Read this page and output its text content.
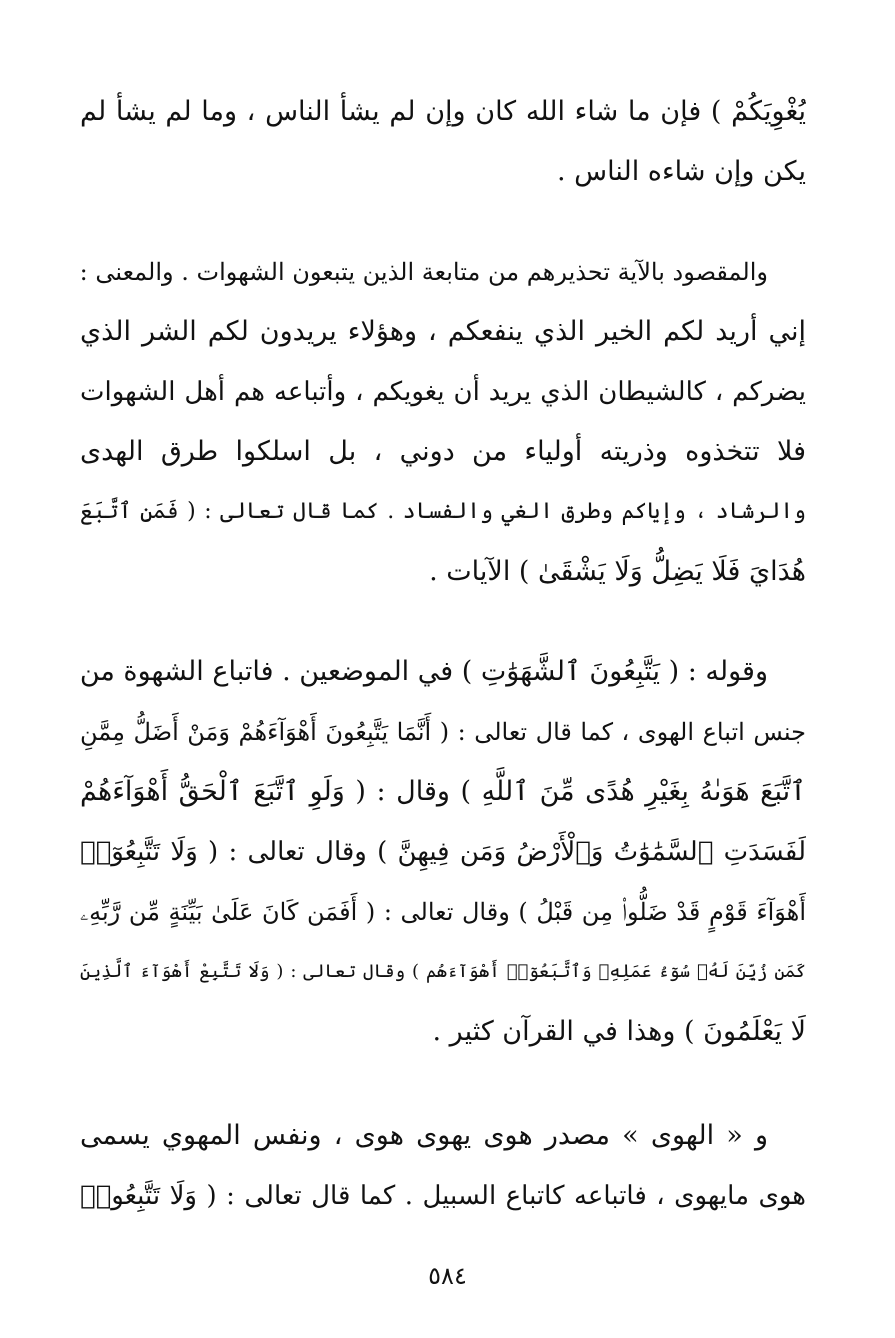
يُغْوِيَكُمْ ) فإن ما شاء الله كان وإن لم يشأ الناس ، وما لم يشأ لم
يكن وإن شاءه الناس .
والمقصود بالآية تحذيرهم من متابعة الذين يتبعون الشهوات . والمعنى :
إني أريد لكم الخير الذي ينفعكم ، وهؤلاء يريدون لكم الشر الذي
يضركم ، كالشيطان الذي يريد أن يغويكم ، وأتباعه هم أهل الشهوات
فلا تتخذوه وذريته أولياء من دوني ، بل اسلكوا طرق الهدى
والرشاد ، وإياكم وطرق الغي والفساد . كما قال تعالى : ( فَمَنِ ٱتَّبَعَ
هُدَايَ فَلَا يَضِلُّ وَلَا يَشْقَىٰ ) الآيات .
وقوله : ( يَتَّبِعُونَ ٱلشَّهَوَٰتِ ) في الموضعين . فاتباع الشهوة من
جنس اتباع الهوى ، كما قال تعالى : ( أَنَّمَا يَتَّبِعُونَ أَهْوَآءَهُمْ وَمَنْ أَضَلُّ مِمَّنِ
ٱتَّبَعَ هَوَىٰهُ بِغَيْرِ هُدًى مِّنَ ٱللَّهِ ) وقال : ( وَلَوِ ٱتَّبَعَ ٱلْحَقُّ أَهْوَآءَهُمْ
لَفَسَدَتِ ٱلسَّمَٰوَٰتُ وَٱلْأَرْضُ وَمَن فِيهِنَّ ) وقال تعالى : ( وَلَا تَتَّبِعُوٓا۟
أَهْوَآءَ قَوْمٍ قَدْ ضَلُّوا۟ مِن قَبْلُ ) وقال تعالى : ( أَفَمَن كَانَ عَلَىٰ بَيِّنَةٍ مِّن رَّبِّهِۦ
كَمَن زُيِّنَ لَهُۥ سُوٓءُ عَمَلِهِۦ وَٱتَّبَعُوٓا۟ أَهْوَآءَهُم ) وقال تعالى : ( وَلَا تَتَّبِعْ أَهْوَآءَ ٱلَّذِينَ
لَا يَعْلَمُونَ ) وهذا في القرآن كثير .
و « الهوى » مصدر هوى يهوى هوى ، ونفس المهوي يسمى
هوى مايهوى ، فاتباعه كاتباع السبيل . كما قال تعالى : ( وَلَا تَتَّبِعُوا۟
٥٨٤
